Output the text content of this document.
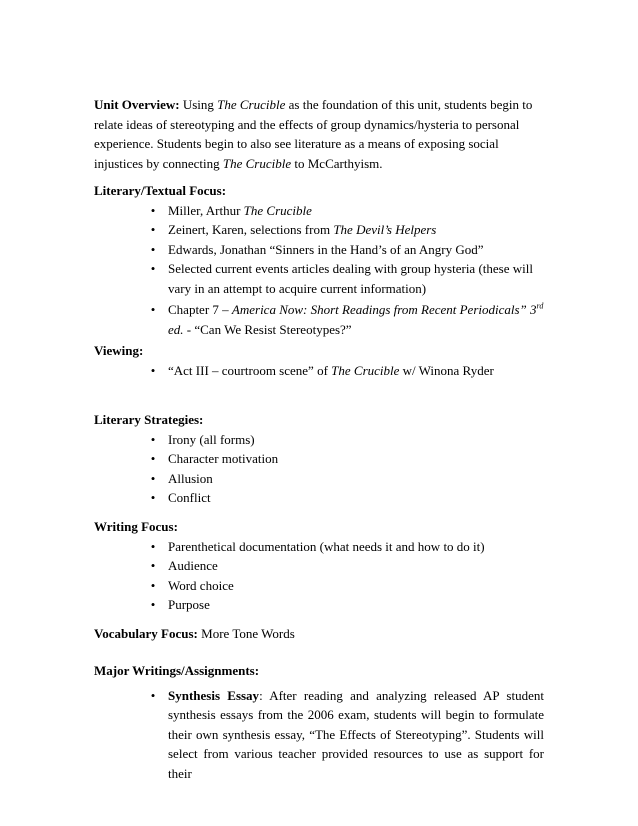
Unit Overview: Using The Crucible as the foundation of this unit, students begin to relate ideas of stereotyping and the effects of group dynamics/hysteria to personal experience. Students begin to also see literature as a means of exposing social injustices by connecting The Crucible to McCarthyism.

Literary/Textual Focus:

• Miller, Arthur The Crucible
• Zeinert, Karen, selections from The Devil’s Helpers
• Edwards, Jonathan “Sinners in the Hand’s of an Angry God”
• Selected current events articles dealing with group hysteria (these will vary in an attempt to acquire current information)
• Chapter 7 – America Now: Short Readings from Recent Periodicals” 3rd ed. - “Can We Resist Stereotypes?”

Viewing:

• “Act III – courtroom scene” of The Crucible w/ Winona Ryder

Literary Strategies:

• Irony (all forms)
• Character motivation
• Allusion
• Conflict

Writing Focus:

• Parenthetical documentation (what needs it and how to do it)
• Audience
• Word choice
• Purpose

Vocabulary Focus: More Tone Words

Major Writings/Assignments:

• Synthesis Essay: After reading and analyzing released AP student synthesis essays from the 2006 exam, students will begin to formulate their own synthesis essay, “The Effects of Stereotyping”. Students will select from various teacher provided resources to use as support for their
